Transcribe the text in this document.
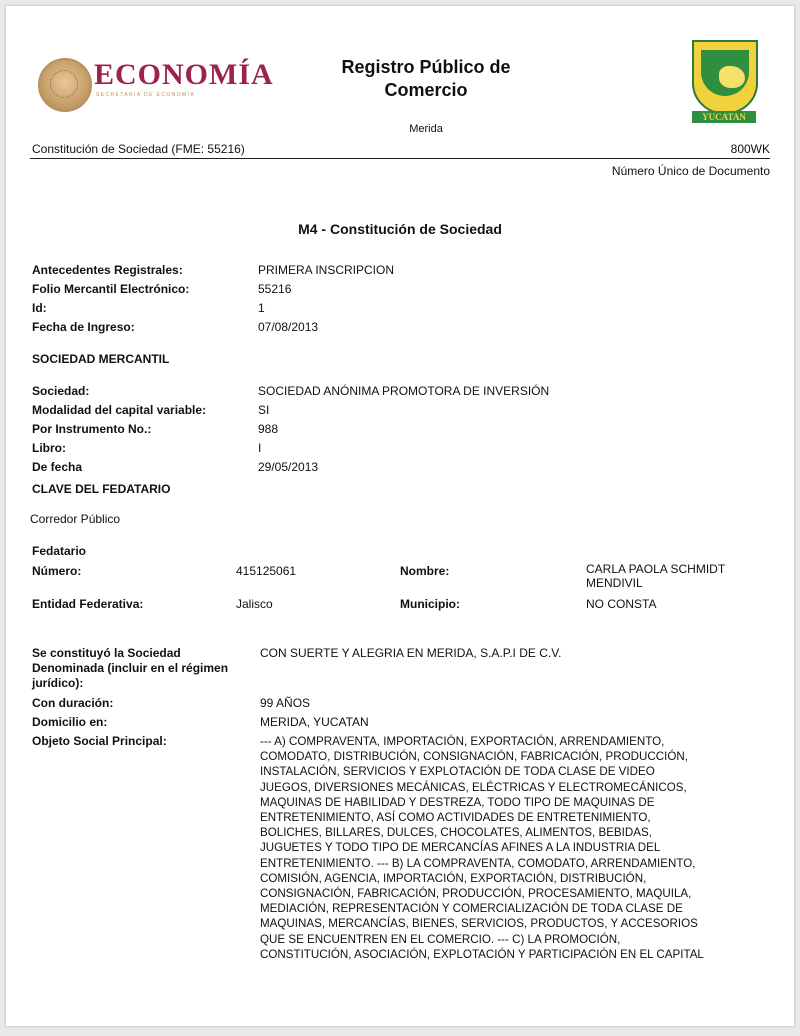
ECONOMÍA
SECRETARÍA DE ECONOMÍA
Registro Público de
Comercio
Merida
YUCATAN
Constitución de Sociedad (FME: 55216)	800WK
Número Único de Documento
M4 - Constitución de Sociedad
Antecedentes Registrales:	PRIMERA INSCRIPCION
Folio Mercantil Electrónico:	55216
Id:	1
Fecha de Ingreso:	07/08/2013
SOCIEDAD MERCANTIL
Sociedad:	SOCIEDAD ANÓNIMA PROMOTORA DE INVERSIÓN
Modalidad del capital variable:	SI
Por Instrumento No.:	988
Libro:	I
De fecha	29/05/2013
CLAVE DEL FEDATARIO
Corredor Público
Fedatario
Número:	415125061	Nombre:	CARLA PAOLA SCHMIDT
MENDIVIL
Entidad Federativa:	Jalisco	Municipio:	NO CONSTA
Se constituyó la Sociedad
Denominada (incluir en el régimen
jurídico):
CON SUERTE Y ALEGRIA EN MERIDA, S.A.P.I DE C.V.
Con duración:	99 AÑOS
Domicilio en:	MERIDA, YUCATAN
Objeto Social Principal:	--- A) COMPRAVENTA, IMPORTACIÓN, EXPORTACIÓN, ARRENDAMIENTO,
COMODATO, DISTRIBUCIÓN, CONSIGNACIÓN, FABRICACIÓN, PRODUCCIÓN,
INSTALACIÓN, SERVICIOS Y EXPLOTACIÓN DE TODA CLASE DE VIDEO
JUEGOS, DIVERSIONES MECÁNICAS, ELÉCTRICAS Y ELECTROMECÁNICOS,
MAQUINAS DE HABILIDAD Y DESTREZA, TODO TIPO DE MAQUINAS DE
ENTRETENIMIENTO, ASÍ COMO ACTIVIDADES DE ENTRETENIMIENTO,
BOLICHES, BILLARES, DULCES, CHOCOLATES, ALIMENTOS, BEBIDAS,
JUGUETES Y TODO TIPO DE MERCANCÍAS AFINES A LA INDUSTRIA DEL
ENTRETENIMIENTO. --- B) LA COMPRAVENTA, COMODATO, ARRENDAMIENTO,
COMISIÓN, AGENCIA, IMPORTACIÓN, EXPORTACIÓN, DISTRIBUCIÓN,
CONSIGNACIÓN, FABRICACIÓN, PRODUCCIÓN, PROCESAMIENTO, MAQUILA,
MEDIACIÓN, REPRESENTACIÓN Y COMERCIALIZACIÓN DE TODA CLASE DE
MAQUINAS, MERCANCÍAS, BIENES, SERVICIOS, PRODUCTOS, Y ACCESORIOS
QUE SE ENCUENTREN EN EL COMERCIO. --- C) LA PROMOCIÓN,
CONSTITUCIÓN, ASOCIACIÓN, EXPLOTACIÓN Y PARTICIPACIÓN EN EL CAPITAL
